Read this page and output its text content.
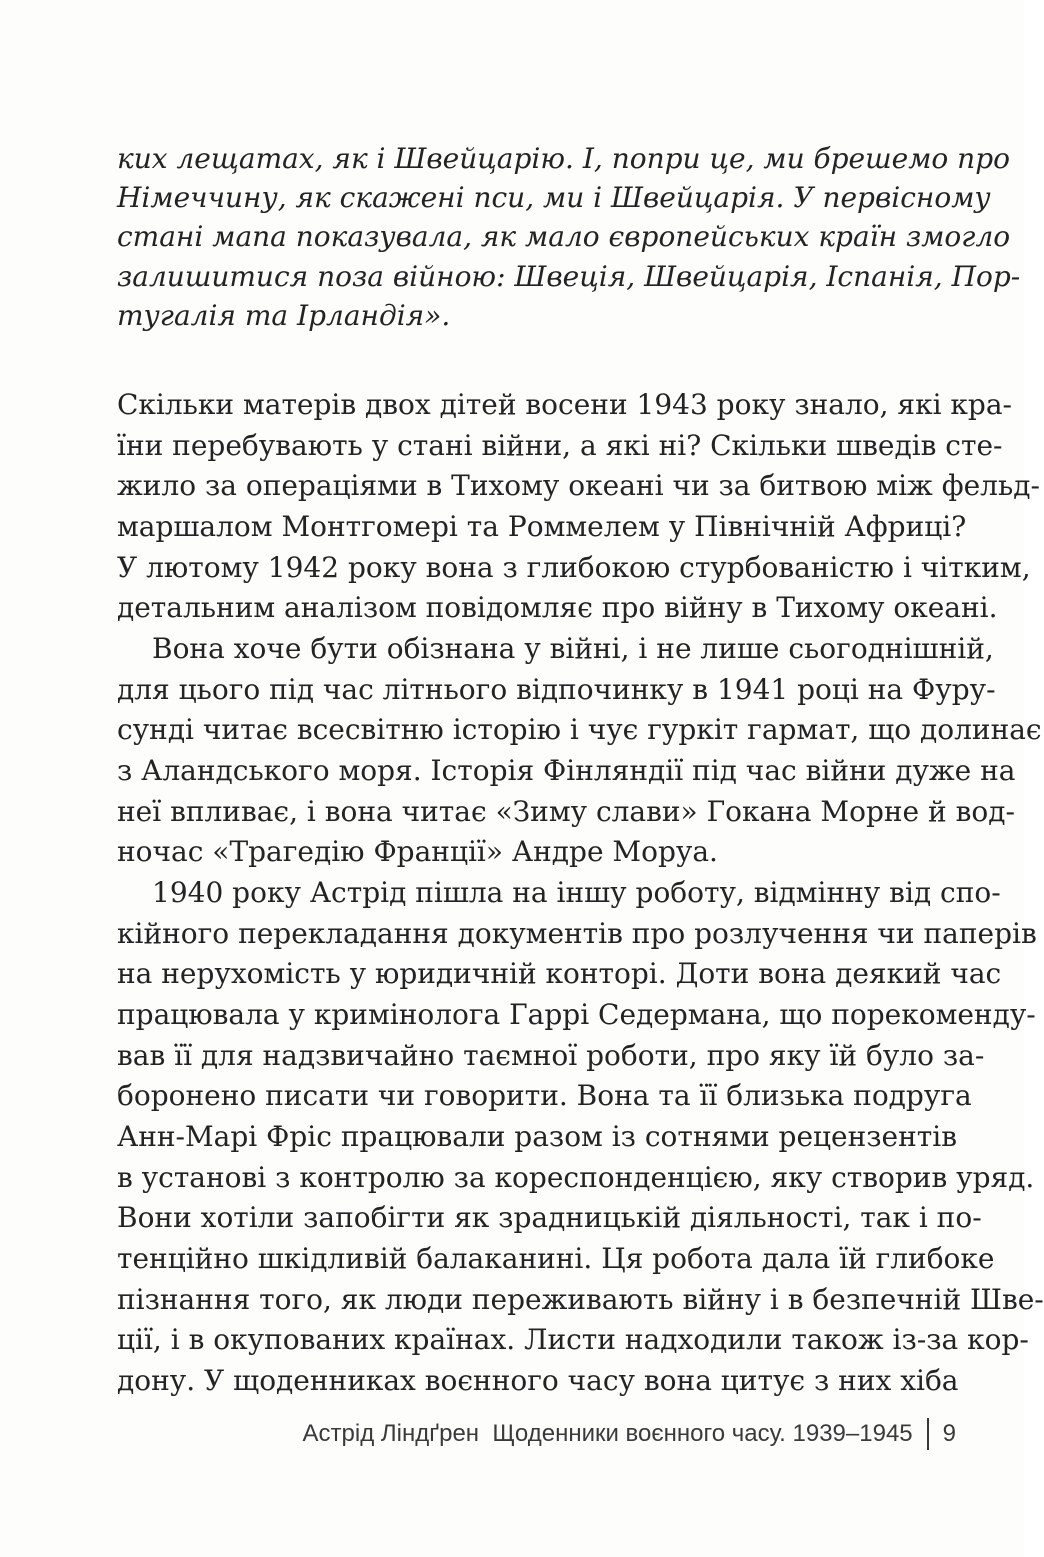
ких лещатах, як і Швейцарію. І, попри це, ми брешемо про
Німеччину, як скажені пси, ми і Швейцарія. У первісному
стані мапа показувала, як мало європейських країн змогло
залишитися поза війною: Швеція, Швейцарія, Іспанія, Пор-
тугалія та Ірландія».
Скільки матерів двох дітей восени 1943 року знало, які кра-
їни перебувають у стані війни, а які ні? Скільки шведів сте-
жило за операціями в Тихому океані чи за битвою між фельд-
маршалом Монтгомері та Роммелем у Північній Африці?
У лютому 1942 року вона з глибокою стурбованістю і чітким,
детальним аналізом повідомляє про війну в Тихому океані.
Вона хоче бути обізнана у війні, і не лише сьогоднішній,
для цього під час літнього відпочинку в 1941 році на Фуру-
сунді читає всесвітню історію і чує гуркіт гармат, що долинає
з Аландського моря. Історія Фінляндії під час війни дуже на
неї впливає, і вона читає «Зиму слави» Гокана Морне й вод-
ночас «Трагедію Франції» Андре Моруа.
1940 року Астрід пішла на іншу роботу, відмінну від спо-
кійного перекладання документів про розлучення чи паперів
на нерухомість у юридичній конторі. Доти вона деякий час
працювала у кримінолога Гаррі Седермана, що порекоменду-
вав її для надзвичайно таємної роботи, про яку їй було за-
боронено писати чи говорити. Вона та її близька подруга
Анн-Марі Фріс працювали разом із сотнями рецензентів
в установі з контролю за кореспонденцією, яку створив уряд.
Вони хотіли запобігти як зрадницькій діяльності, так і по-
тенційно шкідливій балаканині. Ця робота дала їй глибоке
пізнання того, як люди переживають війну і в безпечній Шве-
ції, і в окупованих країнах. Листи надходили також із-за кор-
дону. У щоденниках воєнного часу вона цитує з них хіба
Астрід Ліндґрен  Щоденники воєнного часу. 1939–1945 9
